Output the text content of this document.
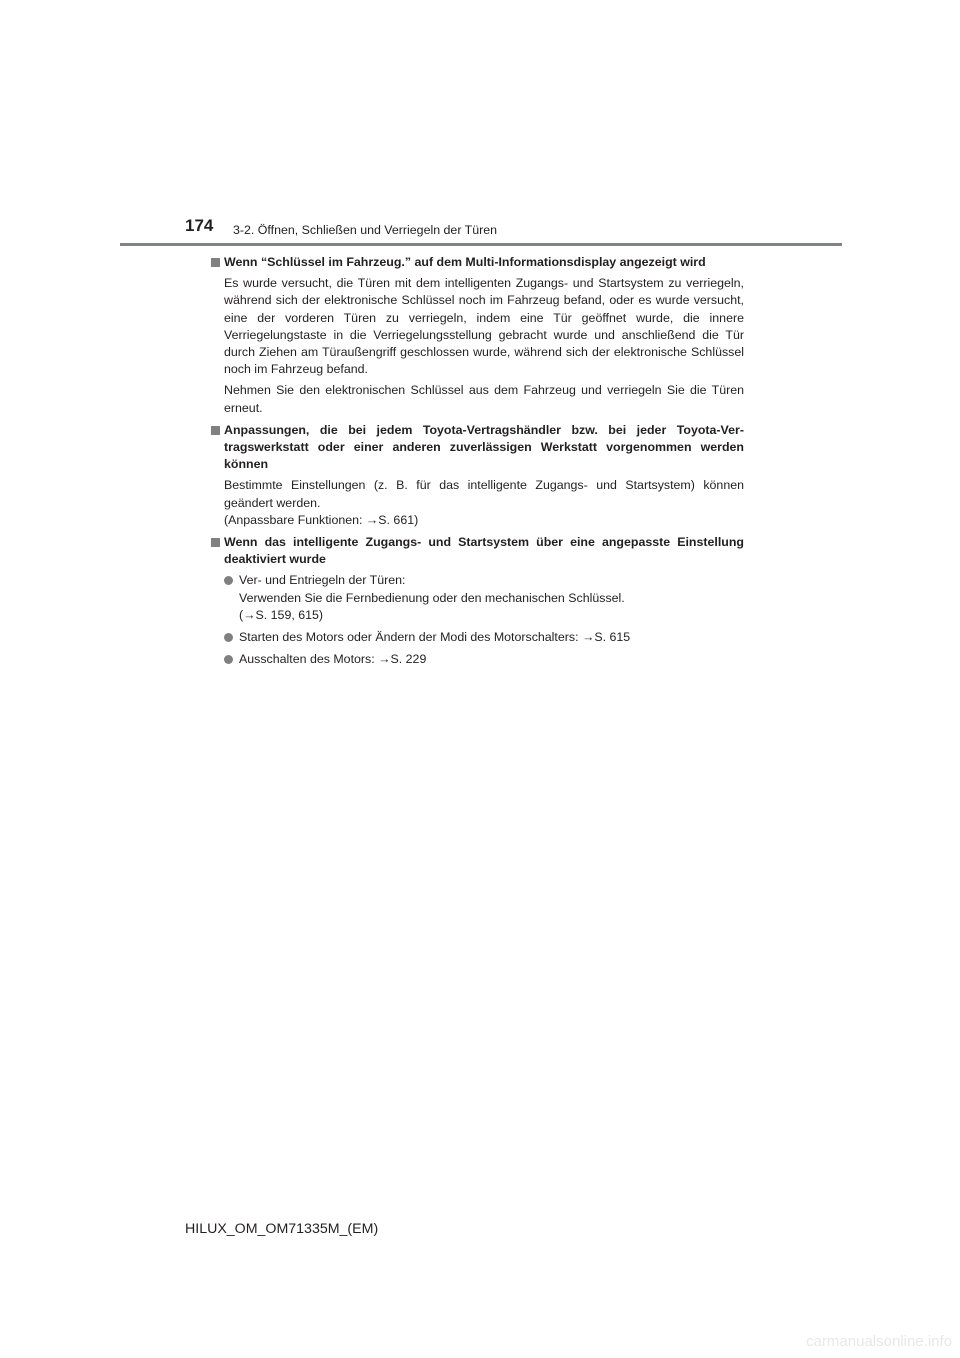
174 3-2. Öffnen, Schließen und Verriegeln der Türen
Wenn “Schlüssel im Fahrzeug.” auf dem Multi-Informationsdisplay angezeigt wird
Es wurde versucht, die Türen mit dem intelligenten Zugangs- und Startsystem zu verriegeln, während sich der elektronische Schlüssel noch im Fahrzeug befand, oder es wurde versucht, eine der vorderen Türen zu verriegeln, indem eine Tür geöffnet wurde, die innere Verriegelungstaste in die Verriegelungsstellung gebracht wurde und anschließend die Tür durch Ziehen am Türaußengriff geschlossen wurde, während sich der elektronische Schlüssel noch im Fahrzeug befand.
Nehmen Sie den elektronischen Schlüssel aus dem Fahrzeug und verriegeln Sie die Türen erneut.
Anpassungen, die bei jedem Toyota-Vertragshändler bzw. bei jeder Toyota-Vertragswerkstatt oder einer anderen zuverlässigen Werkstatt vorgenommen werden können
Bestimmte Einstellungen (z. B. für das intelligente Zugangs- und Startsystem) können geändert werden.
(Anpassbare Funktionen: →S. 661)
Wenn das intelligente Zugangs- und Startsystem über eine angepasste Einstellung deaktiviert wurde
Ver- und Entriegeln der Türen:
Verwenden Sie die Fernbedienung oder den mechanischen Schlüssel.
(→S. 159, 615)
Starten des Motors oder Ändern der Modi des Motorschalters: →S. 615
Ausschalten des Motors: →S. 229
HILUX_OM_OM71335M_(EM)
carmanualsonline.info
